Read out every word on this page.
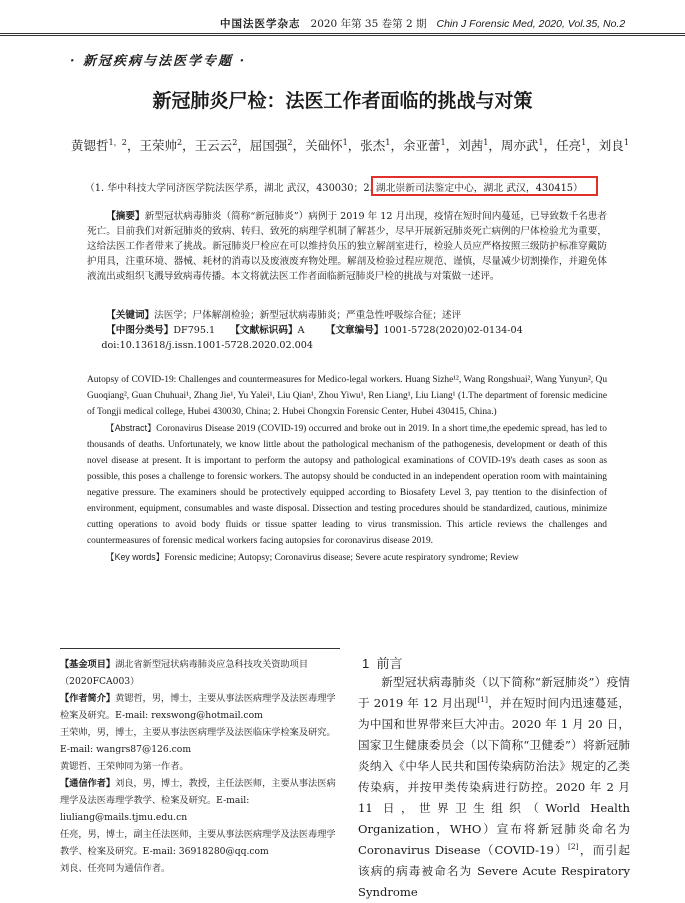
中国法医学杂志 2020 年第 35 卷第 2 期 Chin J Forensic Med, 2020, Vol.35, No.2
· 新冠疾病与法医学专题 ·
新冠肺炎尸检：法医工作者面临的挑战与对策
黄锶哲$^{1,2}$，王荣帅$^2$，王云云$^2$，屈国强$^2$，关础怀$^1$，张杰$^1$，余亚蕾$^1$，刘茜$^1$，周亦武$^1$，任亮$^1$，刘良$^1$
（1. 华中科技大学同济医学院法医学系，湖北 武汉，430030；2. 湖北崇新司法鉴定中心，湖北 武汉，430415）

【摘要】新型冠状病毒肺炎（简称“新冠肺炎”）病例于 2019 年 12 月出现，疫情在短时间内蔓延，已导致数千名患者死亡。目前我们对新冠肺炎的致病、转归、致死的病理学机制了解甚少，尽早开展新冠肺炎死亡病例的尸体检验尤为重要，这给法医工作者带来了挑战。新冠肺炎尸检应在可以维持负压的独立解剖室进行，检验人员应严格按照三级防护标准穿戴防护用具，注重环境、器械、耗材的消毒以及废液废弃物处理。解剖及检验过程应规范、谨慎，尽量减少切割操作，并避免体液流出或组织飞溅导致病毒传播。本文将就法医工作者面临新冠肺炎尸检的挑战与对策做一述评。

【关键词】法医学；尸体解剖检验；新型冠状病毒肺炎；严重急性呼吸综合征；述评
【中图分类号】DF795.1 【文献标识码】A 【文章编号】1001-5728(2020)02-0134-04
doi:10.13618/j.issn.1001-5728.2020.02.004

Autopsy of COVID-19: Challenges and countermeasures for Medico-legal workers. Huang Sizhe¹², Wang Rongshuai², Wang Yunyun², Qu Guoqiang², Guan Chuhuai¹, Zhang Jie¹, Yu Yalei¹, Liu Qian¹, Zhou Yiwu¹, Ren Liang¹, Liu Liang¹ (1.The department of forensic medicine of Tongji medical college, Hubei 430030, China; 2. Hubei Chongxin Forensic Center, Hubei 430415, China.)

【Abstract】Coronavirus Disease 2019 (COVID-19) occurred and broke out in 2019. In a short time,the epedemic spread, has led to thousands of deaths. Unfortunately, we know little about the pathological mechanism of the pathogenesis, development or death of this novel disease at present. It is important to perform the autopsy and pathological examinations of COVID-19's death cases as soon as possible, this poses a challenge to forensic workers. The autopsy should be conducted in an independent operation room with maintaining negative pressure. The examiners should be protectively equipped according to Biosafety Level 3, pay ttention to the disinfection of environment, equipment, consumables and waste disposal. Dissection and testing procedures should be standardized, cautious, minimize cutting operations to avoid body fluids or tissue spatter leading to virus transmission. This article reviews the challenges and countermeasures of forensic medical workers facing autopsies for coronavirus disease 2019.

【Key words】Forensic medicine; Autopsy; Coronavirus disease; Severe acute respiratory syndrome; Review

【基金项目】湖北省新型冠状病毒肺炎应急科技攻关资助项目（2020FCA003）
【作者简介】黄锶哲，男，博士，主要从事法医病理学及法医毒理学检案及研究。E-mail: rexswong@hotmail.com
王荣帅，男，博士，主要从事法医病理学及法医临床学检案及研究。E-mail: wangrs87@126.com
黄锶哲、王荣帅同为第一作者。
【通信作者】刘良，男，博士，教授，主任法医师，主要从事法医病理学及法医毒理学教学、检案及研究。E-mail: liuliang@mails.tjmu.edu.cn
任亮，男，博士，副主任法医师，主要从事法医病理学及法医毒理学教学、检案及研究。E-mail: 36918280@qq.com
刘良、任亮同为通信作者。
1 前言

新型冠状病毒肺炎（以下简称“新冠肺炎”）疫情于 2019 年 12 月出现[1]，并在短时间内迅速蔓延，为中国和世界带来巨大冲击。2020 年 1 月 20 日，国家卫生健康委员会（以下简称“卫健委”）将新冠肺炎纳入《中华人民共和国传染病防治法》规定的乙类传染病，并按甲类传染病进行防控。2020 年 2 月 11 日，世界卫生组织（World Health Organization，WHO）宣布将新冠肺炎命名为 Coronavirus Disease（COVID-19）[2]，而引起该病的病毒被命名为 Severe Acute Respiratory Syndrome
